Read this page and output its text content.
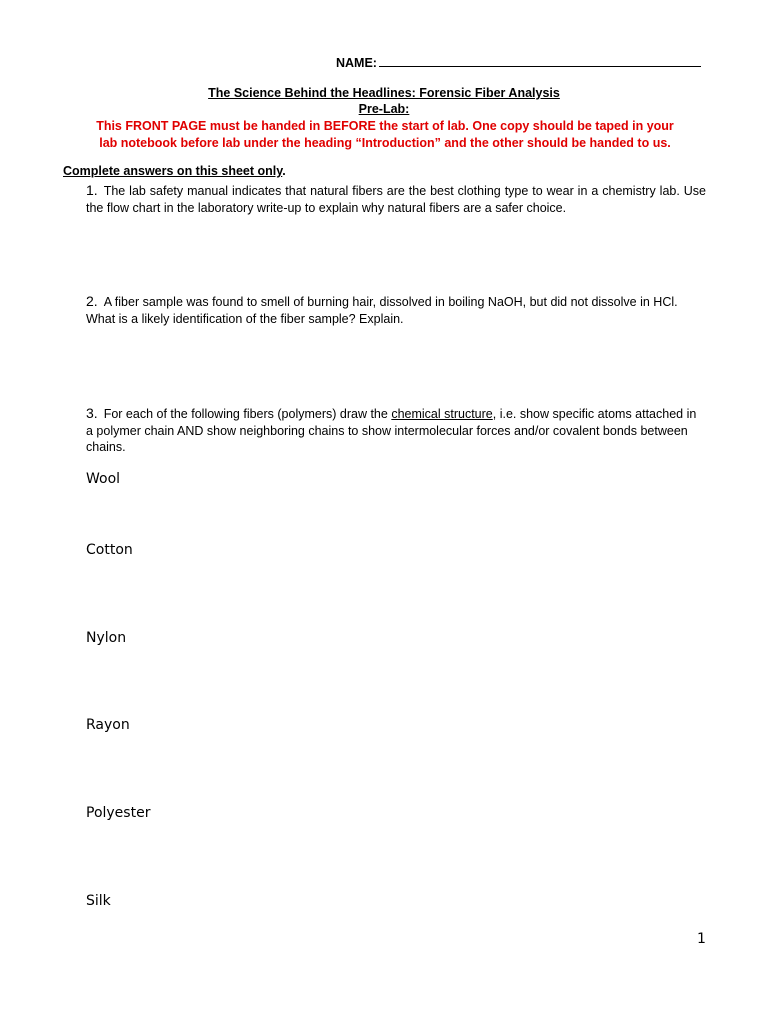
NAME:
The Science Behind the Headlines: Forensic Fiber Analysis
Pre-Lab:
This FRONT PAGE must be handed in BEFORE the start of lab. One copy should be taped in your
lab notebook before lab under the heading “Introduction” and the other should be handed to us.
Complete answers on this sheet only.
1. The lab safety manual indicates that natural fibers are the best clothing type to wear in a chemistry lab. Use the flow chart in the laboratory write-up to explain why natural fibers are a safer choice.
2. A fiber sample was found to smell of burning hair, dissolved in boiling NaOH, but did not dissolve in HCl. What is a likely identification of the fiber sample? Explain.
3. For each of the following fibers (polymers) draw the chemical structure, i.e. show specific atoms attached in a polymer chain AND show neighboring chains to show intermolecular forces and/or covalent bonds between chains.
Wool
Cotton
Nylon
Rayon
Polyester
Silk
1
